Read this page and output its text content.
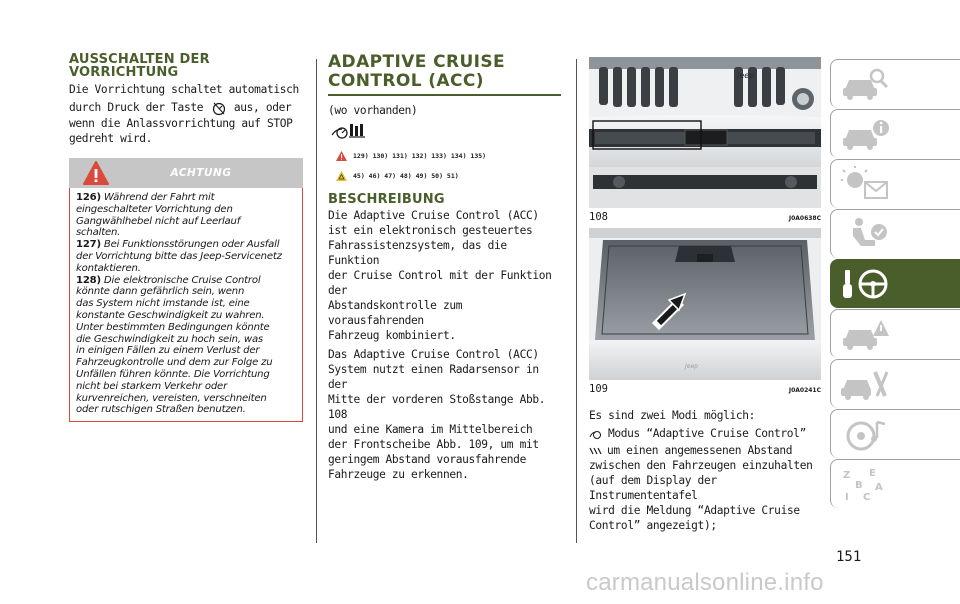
AUSSCHALTEN DER
VORRICHTUNG
Die Vorrichtung schaltet automatisch
durch Druck der Taste	aus, oder
wenn die Anlassvorrichtung auf STOP
gedreht wird.
ACHTUNG
126) Während der Fahrt mit
eingeschalteter Vorrichtung den
Gangwählhebel nicht auf Leerlauf
schalten.
127) Bei Funktionsstörungen oder Ausfall
der Vorrichtung bitte das Jeep-Servicenetz
kontaktieren.
128) Die elektronische Cruise Control
könnte dann gefährlich sein, wenn
das System nicht imstande ist, eine
konstante Geschwindigkeit zu wahren.
Unter bestimmten Bedingungen könnte
die Geschwindigkeit zu hoch sein, was
in einigen Fällen zu einem Verlust der
Fahrzeugkontrolle und dem zur Folge zu
Unfällen führen könnte. Die Vorrichtung
nicht bei starkem Verkehr oder
kurvenreichen, vereisten, verschneiten
oder rutschigen Straßen benutzen.
ADAPTIVE CRUISE
CONTROL (ACC)
(wo vorhanden)
129) 130) 131) 132) 133) 134) 135)
45) 46) 47) 48) 49) 50) 51)
BESCHREIBUNG
Die Adaptive Cruise Control (ACC)
ist ein elektronisch gesteuertes
Fahrassistenzsystem, das die Funktion
der Cruise Control mit der Funktion der
Abstandskontrolle zum vorausfahrenden
Fahrzeug kombiniert.
Das Adaptive Cruise Control (ACC)
System nutzt einen Radarsensor in der
Mitte der vorderen Stoßstange Abb. 108
und eine Kamera im Mittelbereich
der Frontscheibe Abb. 109, um mit
geringem Abstand vorausfahrende
Fahrzeuge zu erkennen.
Jeep
108	J0A0638C
Jeep
109	J0A0241C
Es sind zwei Modi möglich:
Modus “Adaptive Cruise Control”
um einen angemessenen Abstand
zwischen den Fahrzeugen einzuhalten
(auf dem Display der Instrumententafel
wird die Meldung “Adaptive Cruise
Control” angezeigt);
Z E
B A
I C
151
carmanualsonline.info
